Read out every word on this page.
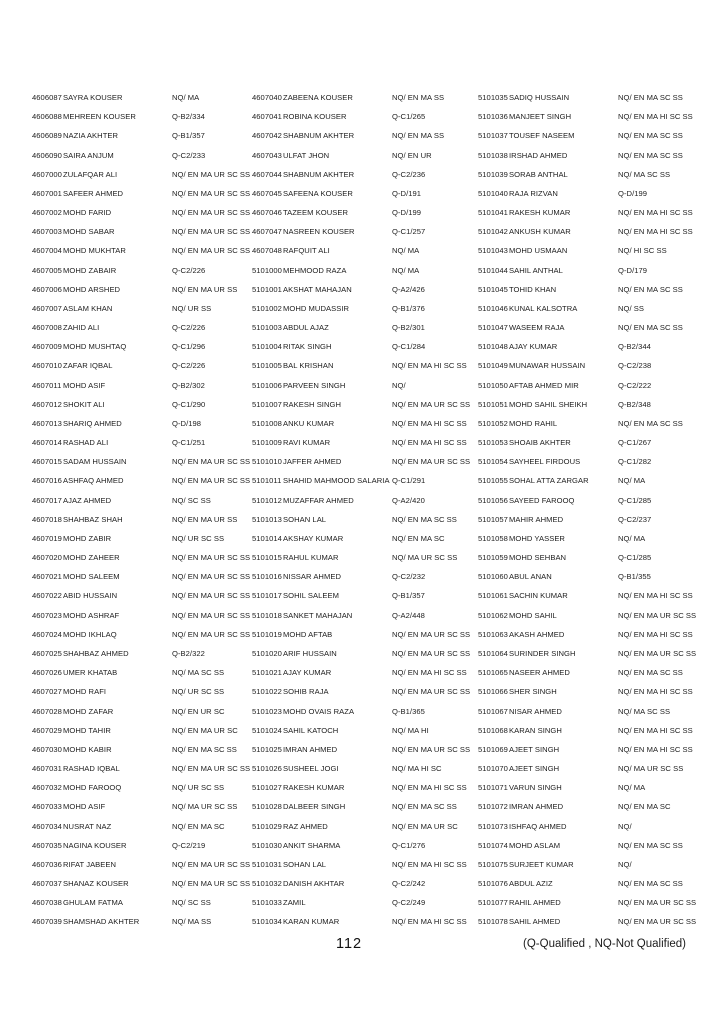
4606087 SAYRA KOUSER	NQ/ MA
4606088 MEHREEN KOUSER	Q-B2/334
4606089 NAZIA AKHTER	Q-B1/357
4606090 SAIRA ANJUM	Q-C2/233
4607000 ZULAFQAR ALI	NQ/ EN MA UR SC SS
4607001 SAFEER AHMED	NQ/ EN MA UR SC SS
4607002 MOHD FARID	NQ/ EN MA UR SC SS
4607003 MOHD SABAR	NQ/ EN MA UR SC SS
4607004 MOHD MUKHTAR	NQ/ EN MA UR SC SS
4607005 MOHD ZABAIR	Q-C2/226
4607006 MOHD ARSHED	NQ/ EN MA UR SS
4607007 ASLAM KHAN	NQ/ UR SS
4607008 ZAHID ALI	Q-C2/226
4607009 MOHD MUSHTAQ	Q-C1/296
4607010 ZAFAR IQBAL	Q-C2/226
4607011 MOHD ASIF	Q-B2/302
4607012 SHOKIT ALI	Q-C1/290
4607013 SHARIQ AHMED	Q-D/198
4607014 RASHAD ALI	Q-C1/251
4607015 SADAM HUSSAIN	NQ/ EN MA UR SC SS
4607016 ASHFAQ AHMED	NQ/ EN MA UR SC SS
4607017 AJAZ AHMED	NQ/ SC SS
4607018 SHAHBAZ SHAH	NQ/ EN MA UR SS
4607019 MOHD ZABIR	NQ/ UR SC SS
4607020 MOHD ZAHEER	NQ/ EN MA UR SC SS
4607021 MOHD SALEEM	NQ/ EN MA UR SC SS
4607022 ABID HUSSAIN	NQ/ EN MA UR SC SS
4607023 MOHD ASHRAF	NQ/ EN MA UR SC SS
4607024 MOHD IKHLAQ	NQ/ EN MA UR SC SS
4607025 SHAHBAZ AHMED	Q-B2/322
4607026 UMER KHATAB	NQ/ MA SC SS
4607027 MOHD RAFI	NQ/ UR SC SS
4607028 MOHD ZAFAR	NQ/ EN UR SC
4607029 MOHD TAHIR	NQ/ EN MA UR SC
4607030 MOHD KABIR	NQ/ EN MA SC SS
4607031 RASHAD IQBAL	NQ/ EN MA UR SC SS
4607032 MOHD FAROOQ	NQ/ UR SC SS
4607033 MOHD ASIF	NQ/ MA UR SC SS
4607034 NUSRAT NAZ	NQ/ EN MA SC
4607035 NAGINA KOUSER	Q-C2/219
4607036 RIFAT JABEEN	NQ/ EN MA UR SC SS
4607037 SHANAZ KOUSER	NQ/ EN MA UR SC SS
4607038 GHULAM FATMA	NQ/ SC SS
4607039 SHAMSHAD AKHTER	NQ/ MA SS
4607040 ZABEENA KOUSER	NQ/ EN MA SS
4607041 ROBINA KOUSER	Q-C1/265
4607042 SHABNUM AKHTER	NQ/ EN MA SS
4607043 ULFAT JHON	NQ/ EN UR
4607044 SHABNUM AKHTER	Q-C2/236
4607045 SAFEENA KOUSER	Q-D/191
4607046 TAZEEM KOUSER	Q-D/199
4607047 NASREEN KOUSER	Q-C1/257
4607048 RAFQUIT ALI	NQ/ MA
5101000 MEHMOOD RAZA	NQ/ MA
5101001 AKSHAT MAHAJAN	Q-A2/426
5101002 MOHD MUDASSIR	Q-B1/376
5101003 ABDUL AJAZ	Q-B2/301
5101004 RITAK SINGH	Q-C1/284
5101005 BAL KRISHAN	NQ/ EN MA HI SC SS
5101006 PARVEEN SINGH	NQ/
5101007 RAKESH SINGH	NQ/ EN MA UR SC SS
5101008 ANKU KUMAR	NQ/ EN MA HI SC SS
5101009 RAVI KUMAR	NQ/ EN MA HI SC SS
5101010 JAFFER AHMED	NQ/ EN MA UR SC SS
5101011 SHAHID MAHMOOD SALARIA Q-C1/291
5101012 MUZAFFAR AHMED	Q-A2/420
5101013 SOHAN LAL	NQ/ EN MA SC SS
5101014 AKSHAY KUMAR	NQ/ EN MA SC
5101015 RAHUL KUMAR	NQ/ MA UR SC SS
5101016 NISSAR AHMED	Q-C2/232
5101017 SOHIL SALEEM	Q-B1/357
5101018 SANKET MAHAJAN	Q-A2/448
5101019 MOHD AFTAB	NQ/ EN MA UR SC SS
5101020 ARIF HUSSAIN	NQ/ EN MA UR SC SS
5101021 AJAY KUMAR	NQ/ EN MA HI SC SS
5101022 SOHIB RAJA	NQ/ EN MA UR SC SS
5101023 MOHD OVAIS RAZA	Q-B1/365
5101024 SAHIL KATOCH	NQ/ MA HI
5101025 IMRAN AHMED	NQ/ EN MA UR SC SS
5101026 SUSHEEL JOGI	NQ/ MA HI SC
5101027 RAKESH KUMAR	NQ/ EN MA HI SC SS
5101028 DALBEER SINGH	NQ/ EN MA SC SS
5101029 RAZ AHMED	NQ/ EN MA UR SC
5101030 ANKIT SHARMA	Q-C1/276
5101031 SOHAN LAL	NQ/ EN MA HI SC SS
5101032 DANISH AKHTAR	Q-C2/242
5101033 ZAMIL	Q-C2/249
5101034 KARAN KUMAR	NQ/ EN MA HI SC SS
5101035 SADIQ HUSSAIN	NQ/ EN MA SC SS
5101036 MANJEET SINGH	NQ/ EN MA HI SC SS
5101037 TOUSEF NASEEM	NQ/ EN MA SC SS
5101038 IRSHAD AHMED	NQ/ EN MA SC SS
5101039 SORAB ANTHAL	NQ/ MA SC SS
5101040 RAJA RIZVAN	Q-D/199
5101041 RAKESH KUMAR	NQ/ EN MA HI SC SS
5101042 ANKUSH KUMAR	NQ/ EN MA HI SC SS
5101043 MOHD USMAAN	NQ/ HI SC SS
5101044 SAHIL ANTHAL	Q-D/179
5101045 TOHID KHAN	NQ/ EN MA SC SS
5101046 KUNAL KALSOTRA	NQ/ SS
5101047 WASEEM RAJA	NQ/ EN MA SC SS
5101048 AJAY KUMAR	Q-B2/344
5101049 MUNAWAR HUSSAIN	Q-C2/238
5101050 AFTAB AHMED MIR	Q-C2/222
5101051 MOHD SAHIL SHEIKH	Q-B2/348
5101052 MOHD RAHIL	NQ/ EN MA SC SS
5101053 SHOAIB AKHTER	Q-C1/267
5101054 SAYHEEL FIRDOUS	Q-C1/282
5101055 SOHAL ATTA ZARGAR	NQ/ MA
5101056 SAYEED FAROOQ	Q-C1/285
5101057 MAHIR AHMED	Q-C2/237
5101058 MOHD YASSER	NQ/ MA
5101059 MOHD SEHBAN	Q-C1/285
5101060 ABUL ANAN	Q-B1/355
5101061 SACHIN KUMAR	NQ/ EN MA HI SC SS
5101062 MOHD SAHIL	NQ/ EN MA UR SC SS
5101063 AKASH AHMED	NQ/ EN MA HI SC SS
5101064 SURINDER SINGH	NQ/ EN MA UR SC SS
5101065 NASEER AHMED	NQ/ EN MA SC SS
5101066 SHER SINGH	NQ/ EN MA HI SC SS
5101067 NISAR AHMED	NQ/ MA SC SS
5101068 KARAN SINGH	NQ/ EN MA HI SC SS
5101069 AJEET SINGH	NQ/ EN MA HI SC SS
5101070 AJEET SINGH	NQ/ MA UR SC SS
5101071 VARUN SINGH	NQ/ MA
5101072 IMRAN AHMED	NQ/ EN MA SC
5101073 ISHFAQ AHMED	NQ/
5101074 MOHD ASLAM	NQ/ EN MA SC SS
5101075 SURJEET KUMAR	NQ/
5101076 ABDUL AZIZ	NQ/ EN MA SC SS
5101077 RAHIL AHMED	NQ/ EN MA UR SC SS
5101078 SAHIL AHMED	NQ/ EN MA UR SC SS
112	(Q-Qualified , NQ-Not Qualified)
